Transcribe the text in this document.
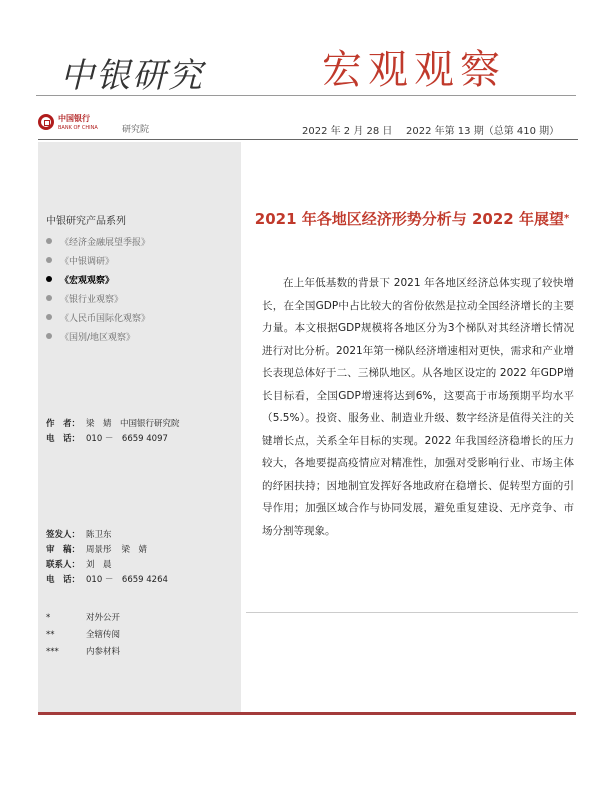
中银研究	宏观观察
中国银行
BANK OF CHINA	研究院	2022 年 2 月 28 日 2022 年第 13 期（总第 410 期）
中银研究产品系列
《经济金融展望季报》
《中银调研》
《宏观观察》
《银行业观察》
《人民币国际化观察》
《国别/地区观察》
作　者： 梁　婧　中国银行研究院
电　话： 010 －　6659 4097
签发人： 陈卫东
审　稿： 周景彤 梁　婧
联系人： 刘　晨
电　话： 010 －　6659 4264
*	对外公开
**	全辖传阅
***	内参材料
2021 年各地区经济形势分析与 2022 年展望*

在上年低基数的背景下 2021 年各地区经济总体实现了较快增长，在全国GDP中占比较大的省份依然是拉动全国经济增长的主要力量。本文根据GDP规模将各地区分为3个梯队对其经济增长情况进行对比分析。2021年第一梯队经济增速相对更快，需求和产业增长表现总体好于二、三梯队地区。从各地区设定的 2022 年GDP增长目标看，全国GDP增速将达到6%，这要高于市场预期平均水平（5.5%）。投资、服务业、制造业升级、数字经济是值得关注的关键增长点，关系全年目标的实现。2022 年我国经济稳增长的压力较大，各地要提高疫情应对精准性，加强对受影响行业、市场主体的纾困扶持；因地制宜发挥好各地政府在稳增长、促转型方面的引导作用；加强区域合作与协同发展，避免重复建设、无序竞争、市场分割等现象。
